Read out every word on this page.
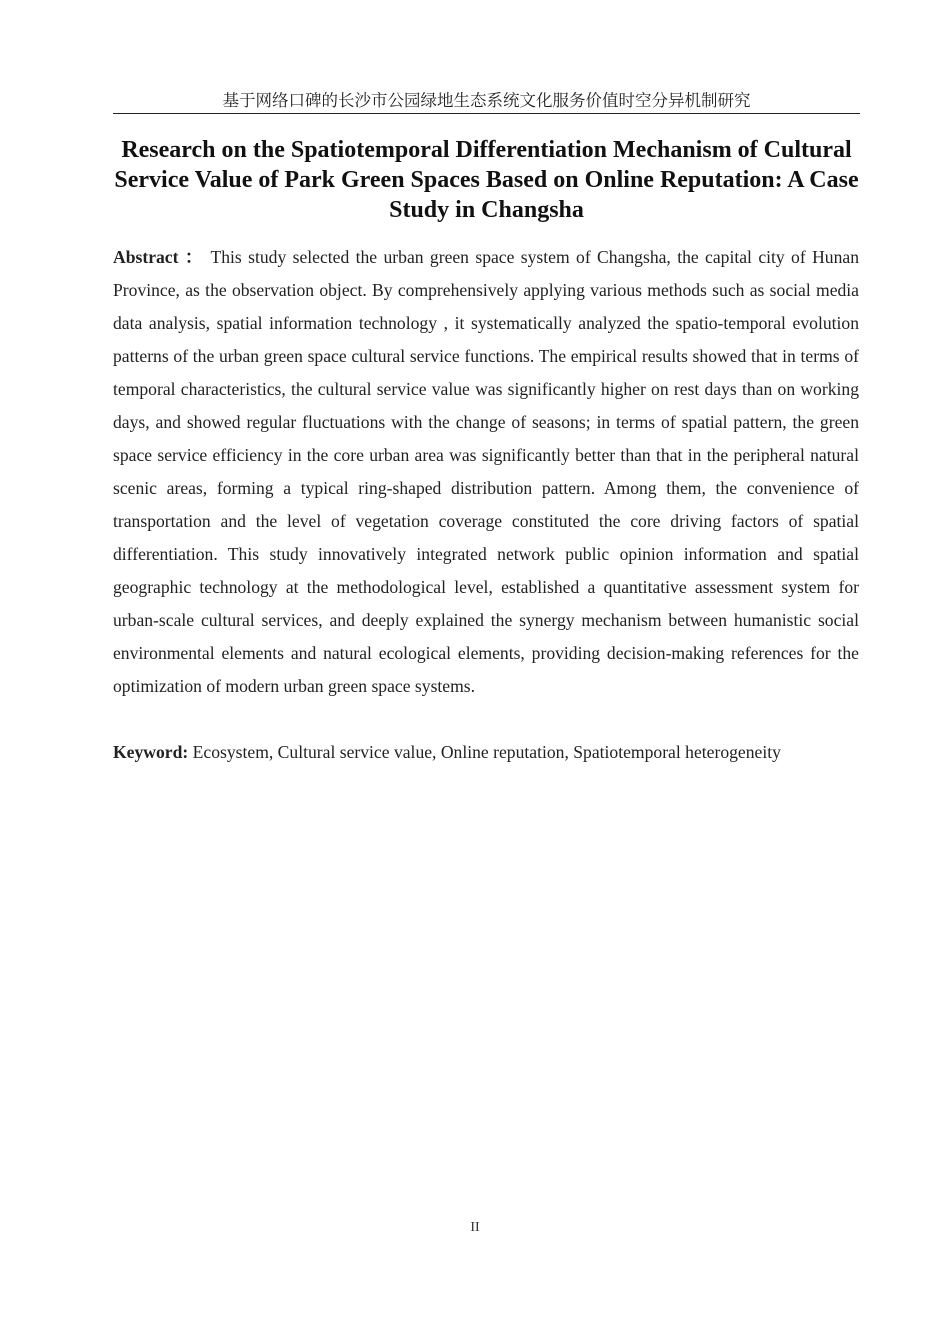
基于网络口碑的长沙市公园绿地生态系统文化服务价值时空分异机制研究
Research on the Spatiotemporal Differentiation Mechanism of Cultural Service Value of Park Green Spaces Based on Online Reputation: A Case Study in Changsha

Abstract ： This study selected the urban green space system of Changsha, the capital city of Hunan Province, as the observation object. By comprehensively applying various methods such as social media data analysis, spatial information technology , it systematically analyzed the spatio-temporal evolution patterns of the urban green space cultural service functions. The empirical results showed that in terms of temporal characteristics, the cultural service value was significantly higher on rest days than on working days, and showed regular fluctuations with the change of seasons; in terms of spatial pattern, the green space service efficiency in the core urban area was significantly better than that in the peripheral natural scenic areas, forming a typical ring-shaped distribution pattern. Among them, the convenience of transportation and the level of vegetation coverage constituted the core driving factors of spatial differentiation. This study innovatively integrated network public opinion information and spatial geographic technology at the methodological level, established a quantitative assessment system for urban-scale cultural services, and deeply explained the synergy mechanism between humanistic social environmental elements and natural ecological elements, providing decision-making references for the optimization of modern urban green space systems.

Keyword: Ecosystem, Cultural service value, Online reputation, Spatiotemporal heterogeneity

II
